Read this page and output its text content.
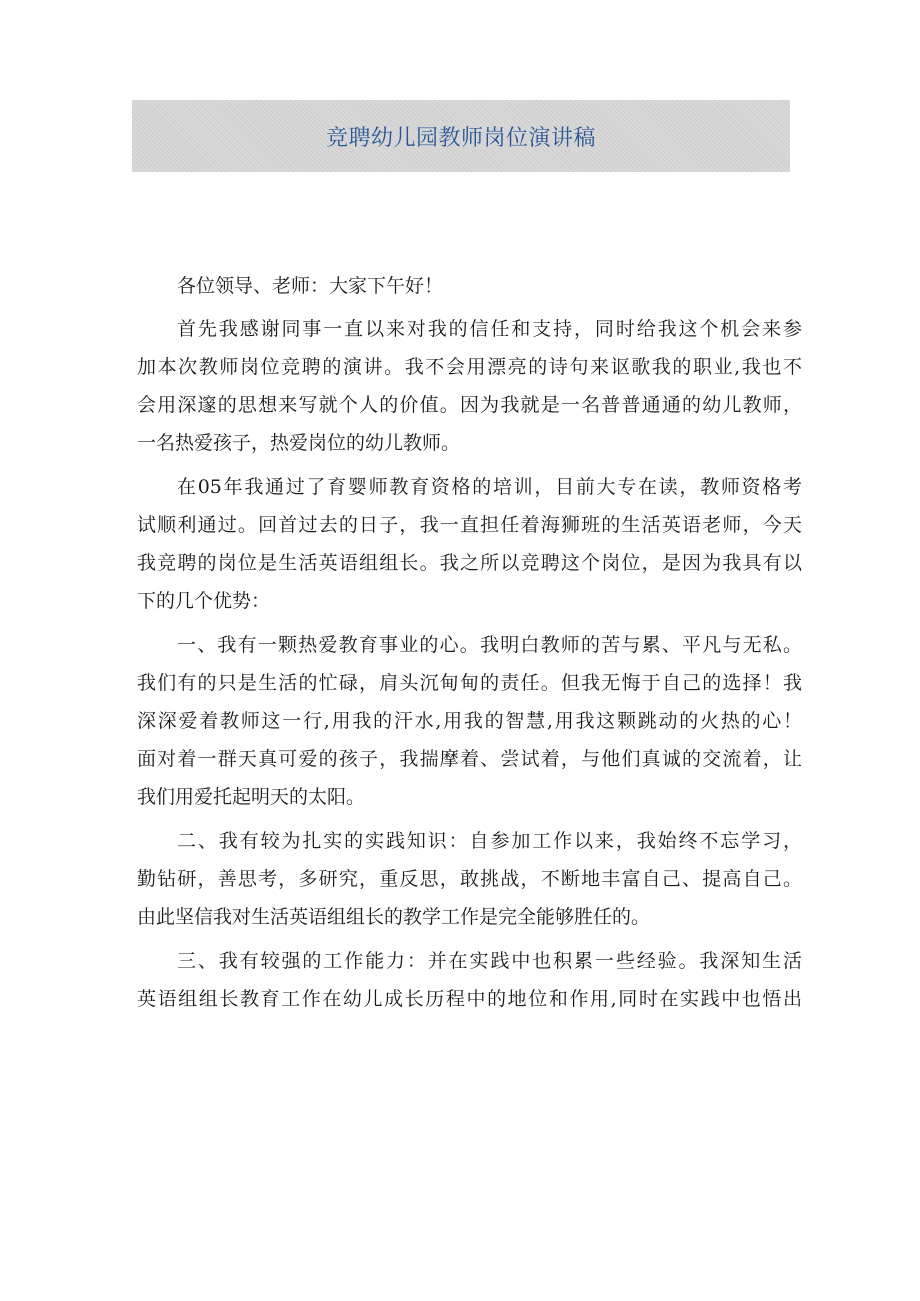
竞聘幼儿园教师岗位演讲稿
各位领导、老师：大家下午好！
首先我感谢同事一直以来对我的信任和支持，同时给我这个机会来参
加本次教师岗位竞聘的演讲。我不会用漂亮的诗句来讴歌我的职业,我也不
会用深邃的思想来写就个人的价值。因为我就是一名普普通通的幼儿教师，
一名热爱孩子，热爱岗位的幼儿教师。
在05年我通过了育婴师教育资格的培训，目前大专在读，教师资格考
试顺利通过。回首过去的日子，我一直担任着海狮班的生活英语老师，今天
我竞聘的岗位是生活英语组组长。我之所以竞聘这个岗位，是因为我具有以
下的几个优势：
一、我有一颗热爱教育事业的心。我明白教师的苦与累、平凡与无私。
我们有的只是生活的忙碌，肩头沉甸甸的责任。但我无悔于自己的选择！我
深深爱着教师这一行,用我的汗水,用我的智慧,用我这颗跳动的火热的心！
面对着一群天真可爱的孩子，我揣摩着、尝试着，与他们真诚的交流着，让
我们用爱托起明天的太阳。
二、我有较为扎实的实践知识：自参加工作以来，我始终不忘学习，
勤钻研，善思考，多研究，重反思，敢挑战，不断地丰富自己、提高自己。
由此坚信我对生活英语组组长的教学工作是完全能够胜任的。
三、我有较强的工作能力：并在实践中也积累一些经验。我深知生活
英语组组长教育工作在幼儿成长历程中的地位和作用,同时在实践中也悟出
